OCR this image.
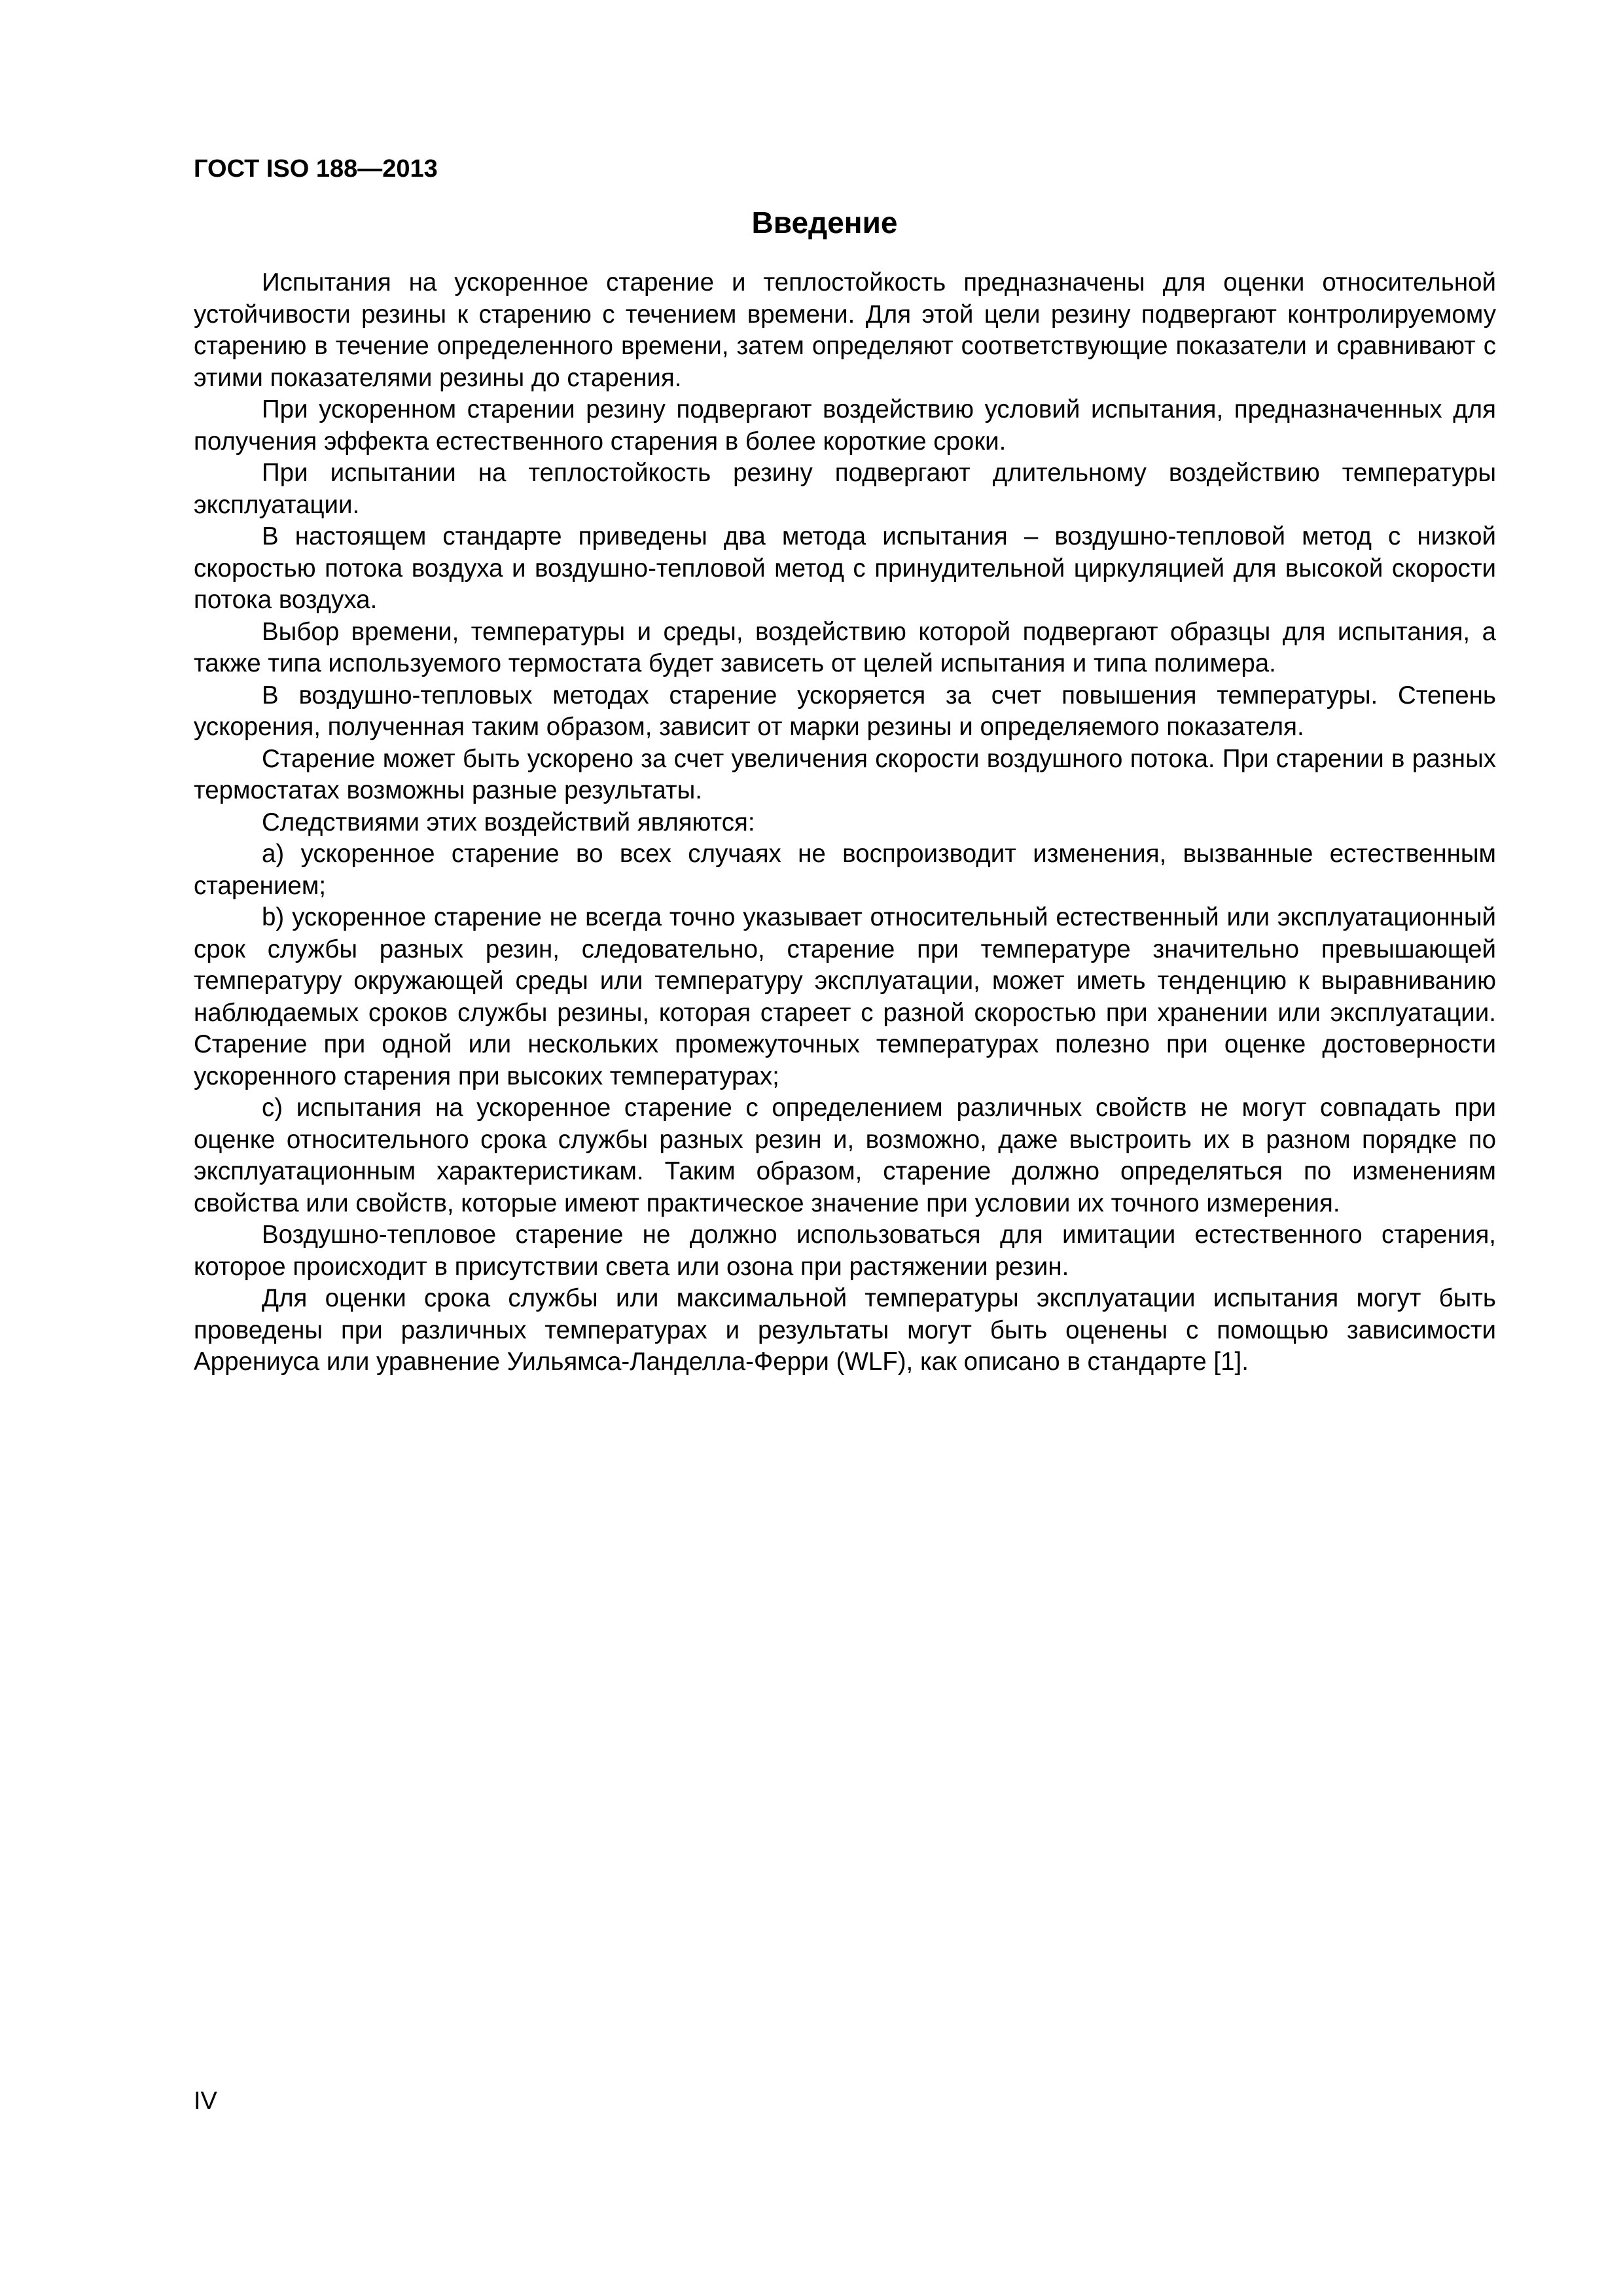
ГОСТ ISO 188—2013
Введение

Испытания на ускоренное старение и теплостойкость предназначены для оценки относительной устойчивости резины к старению с течением времени. Для этой цели резину подвергают контролируемому старению в течение определенного времени, затем определяют соответствующие показатели и сравнивают с этими показателями резины до старения.

При ускоренном старении резину подвергают воздействию условий испытания, предназначенных для получения эффекта естественного старения в более короткие сроки.

При испытании на теплостойкость резину подвергают длительному воздействию температуры эксплуатации.

В настоящем стандарте приведены два метода испытания – воздушно-тепловой метод с низкой скоростью потока воздуха и воздушно-тепловой метод с принудительной циркуляцией для высокой скорости потока воздуха.

Выбор времени, температуры и среды, воздействию которой подвергают образцы для испытания, а также типа используемого термостата будет зависеть от целей испытания и типа полимера.

В воздушно-тепловых методах старение ускоряется за счет повышения температуры. Степень ускорения, полученная таким образом, зависит от марки резины и определяемого показателя.

Старение может быть ускорено за счет увеличения скорости воздушного потока. При старении в разных термостатах возможны разные результаты.

Следствиями этих воздействий являются:

a) ускоренное старение во всех случаях не воспроизводит изменения, вызванные естественным старением;

b) ускоренное старение не всегда точно указывает относительный естественный или эксплуатационный срок службы разных резин, следовательно, старение при температуре значительно превышающей температуру окружающей среды или температуру эксплуатации, может иметь тенденцию к выравниванию наблюдаемых сроков службы резины, которая стареет с разной скоростью при хранении или эксплуатации. Старение при одной или нескольких промежуточных температурах полезно при оценке достоверности ускоренного старения при высоких температурах;

c) испытания на ускоренное старение с определением различных свойств не могут совпадать при оценке относительного срока службы разных резин и, возможно, даже выстроить их в разном порядке по эксплуатационным характеристикам. Таким образом, старение должно определяться по изменениям свойства или свойств, которые имеют практическое значение при условии их точного измерения.

Воздушно-тепловое старение не должно использоваться для имитации естественного старения, которое происходит в присутствии света или озона при растяжении резин.

Для оценки срока службы или максимальной температуры эксплуатации испытания могут быть проведены при различных температурах и результаты могут быть оценены с помощью зависимости Аррениуса или уравнение Уильямса-Ланделла-Ферри (WLF), как описано в стандарте [1].

IV
